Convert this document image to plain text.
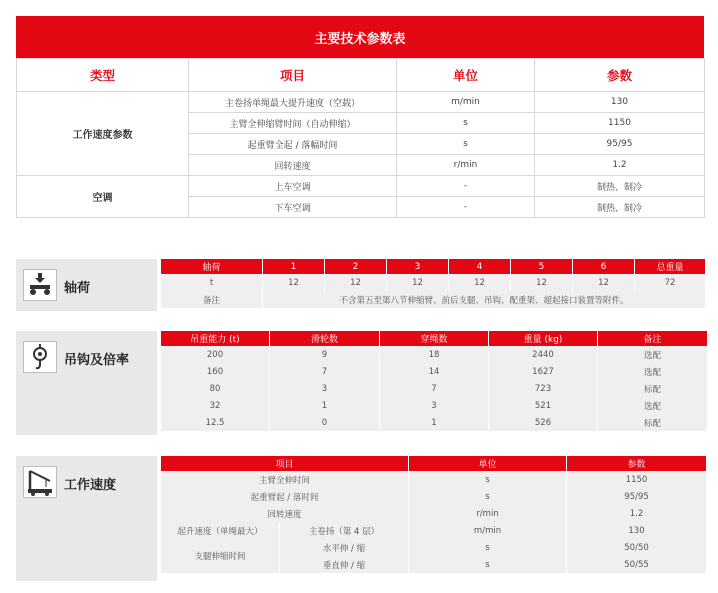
主要技术参数表
类型	项目	单位	参数
工作速度参数	主卷扬单绳最大提升速度（空载）	m/min	130
	主臂全伸缩臂时间（自动伸缩）	s	1150
	起重臂全起 / 落幅时间	s	95/95
	回转速度	r/min	1.2
空调	上车空调	-	制热、制冷
	下车空调	-	制热、制冷
轴荷
轴荷	1	2	3	4	5	6	总重量
t	12	12	12	12	12	12	72
备注	不含第五至第八节伸缩臂、前后支腿、吊钩、配重架、超起接口装置等附件。						
吊钩及倍率
吊重能力 (t)	滑轮数	穿绳数	重量 (kg)	备注
200	9	18	2440	选配
160	7	14	1627	选配
80	3	7	723	标配
32	1	3	521	选配
12.5	0	1	526	标配
工作速度
项目		单位	参数
主臂全伸时间		s	1150
起重臂起 / 落时间		s	95/95
回转速度		r/min	1.2
起升速度（单绳最大）	主卷扬（第 4 层）	m/min	130
支腿伸缩时间	水平伸 / 缩	s	50/50
	垂直伸 / 缩	s	50/55
